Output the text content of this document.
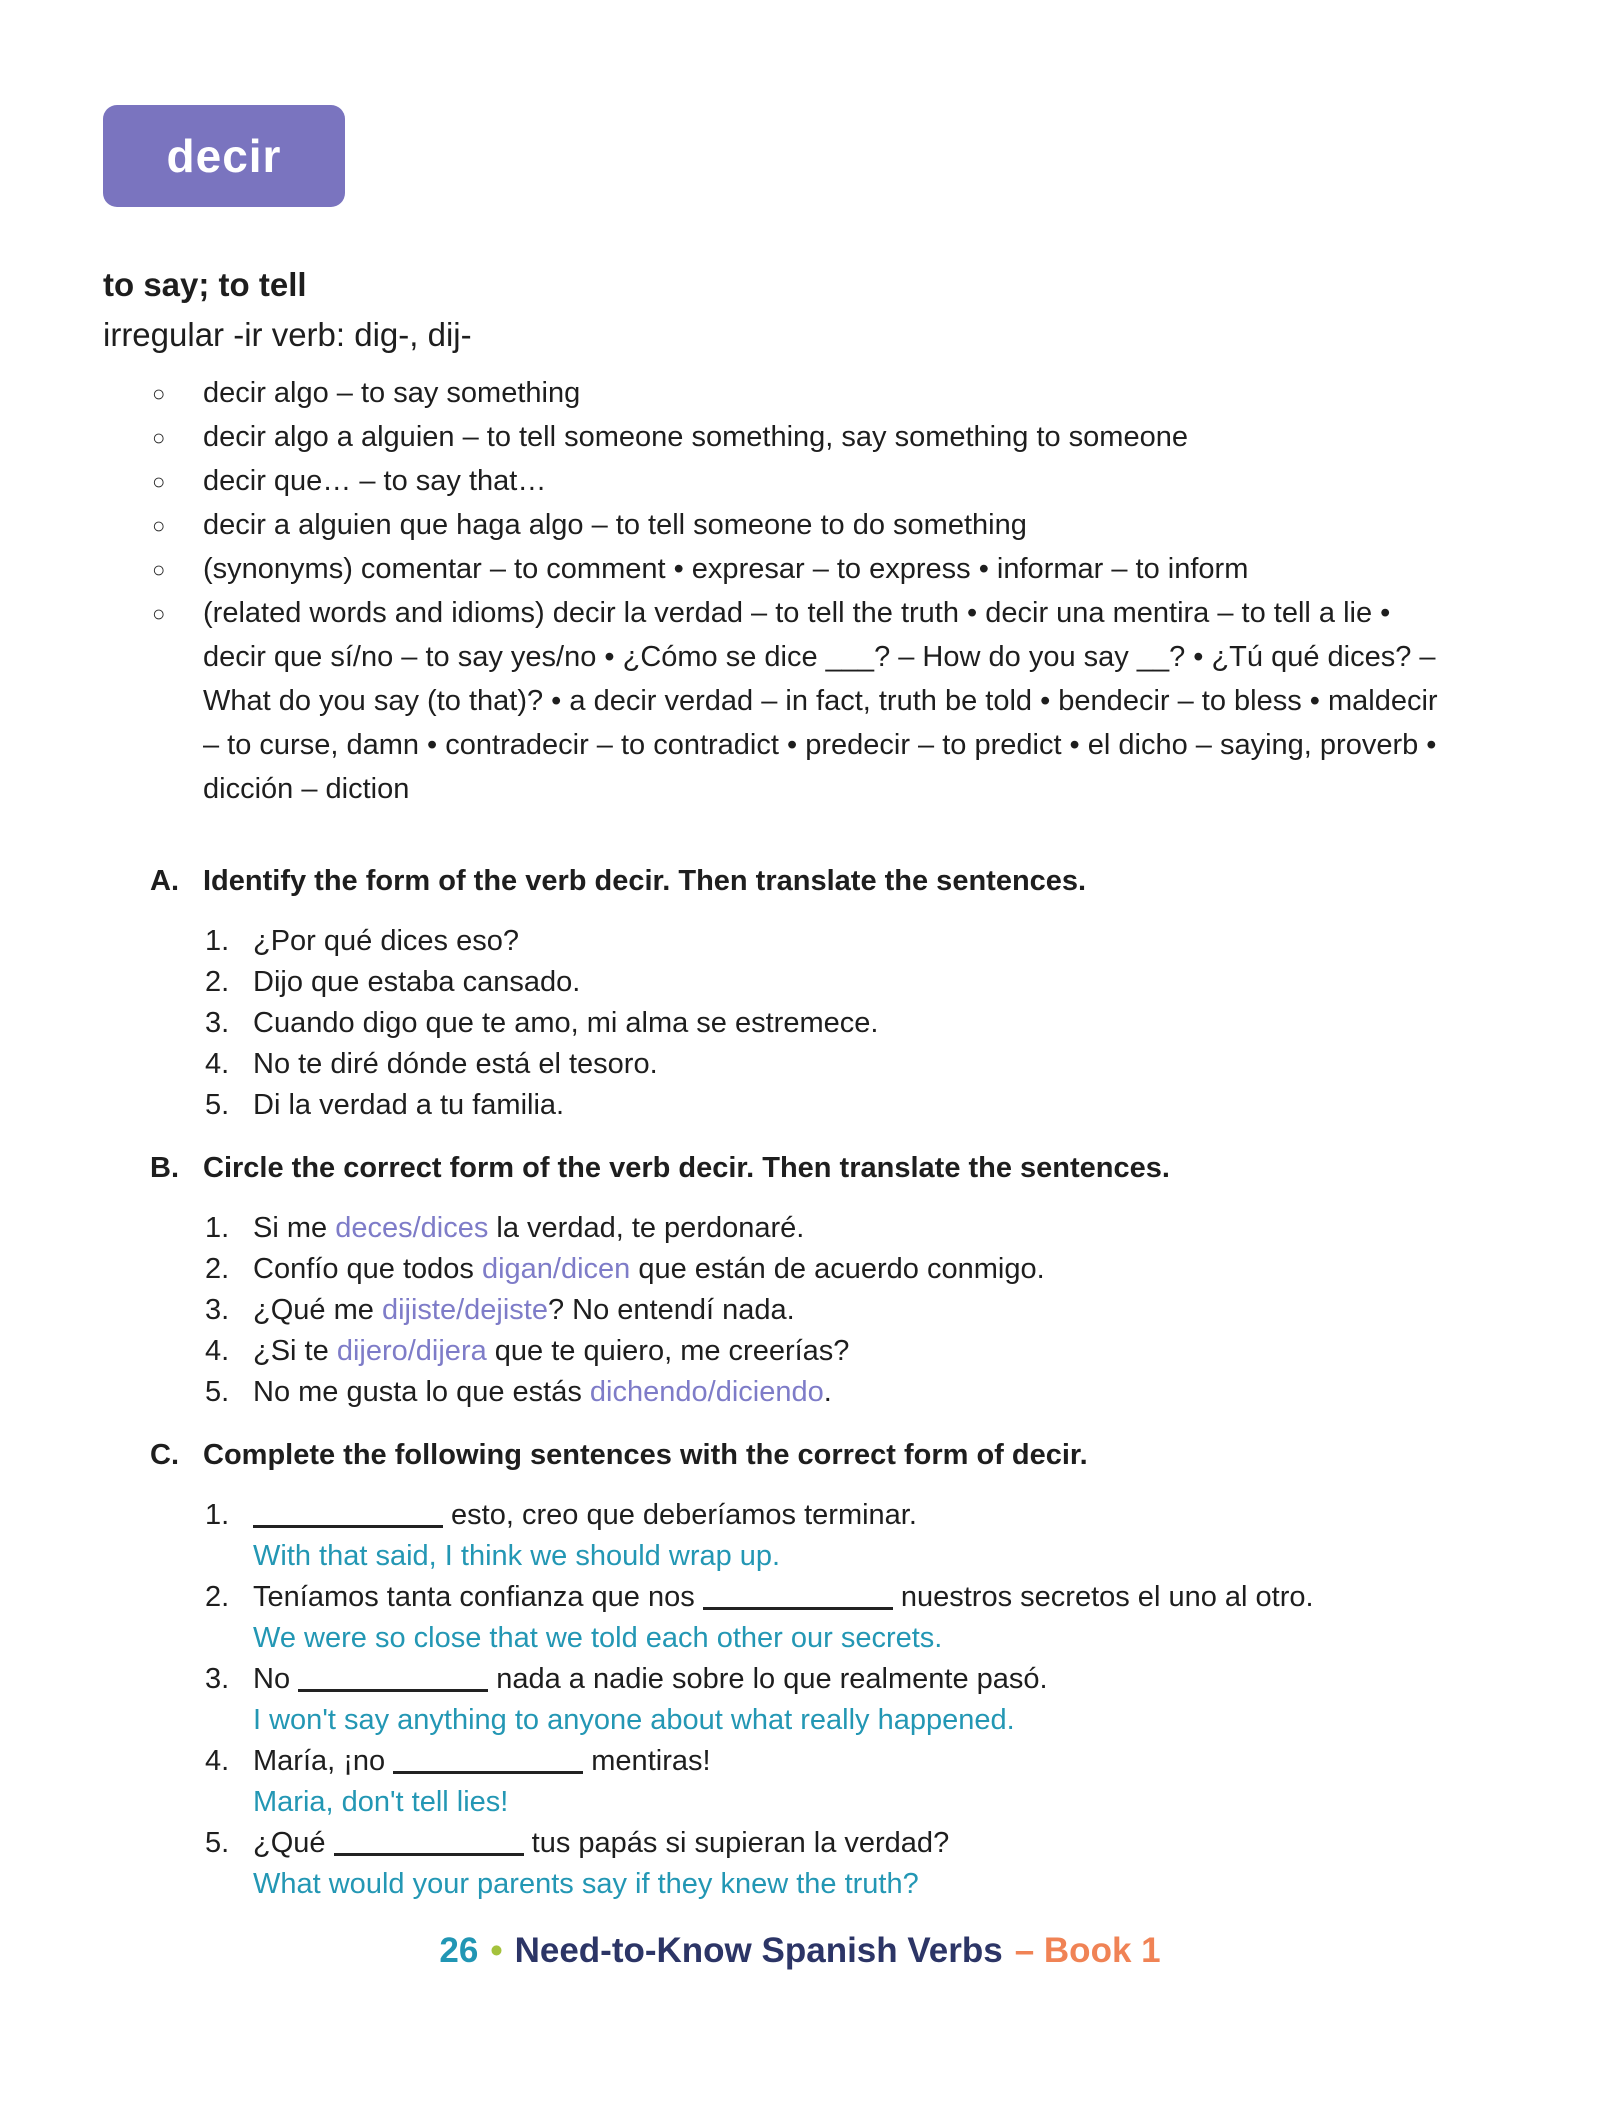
decir
to say; to tell
irregular -ir verb: dig-, dij-
○ decir algo – to say something
○ decir algo a alguien – to tell someone something, say something to someone
○ decir que… – to say that…
○ decir a alguien que haga algo – to tell someone to do something
○ (synonyms) comentar – to comment • expresar – to express • informar – to inform
○ (related words and idioms) decir la verdad – to tell the truth • decir una mentira – to tell a lie • decir que sí/no – to say yes/no • ¿Cómo se dice ___? – How do you say __? • ¿Tú qué dices? – What do you say (to that)? • a decir verdad – in fact, truth be told • bendecir – to bless • maldecir – to curse, damn • contradecir – to contradict • predecir – to predict • el dicho – saying, proverb • dicción – diction
A. Identify the form of the verb decir. Then translate the sentences.
1. ¿Por qué dices eso?
2. Dijo que estaba cansado.
3. Cuando digo que te amo, mi alma se estremece.
4. No te diré dónde está el tesoro.
5. Di la verdad a tu familia.
B. Circle the correct form of the verb decir. Then translate the sentences.
1. Si me deces/dices la verdad, te perdonaré.
2. Confío que todos digan/dicen que están de acuerdo conmigo.
3. ¿Qué me dijiste/dejiste? No entendí nada.
4. ¿Si te dijero/dijera que te quiero, me creerías?
5. No me gusta lo que estás dichendo/diciendo.
C. Complete the following sentences with the correct form of decir.
1.	esto, creo que deberíamos terminar.
With that said, I think we should wrap up.
2. Teníamos tanta confianza que nos	nuestros secretos el uno al otro.
We were so close that we told each other our secrets.
3. No	nada a nadie sobre lo que realmente pasó.
I won't say anything to anyone about what really happened.
4. María, ¡no	mentiras!
Maria, don't tell lies!
5. ¿Qué	tus papás si supieran la verdad?
What would your parents say if they knew the truth?
26 • Need-to-Know Spanish Verbs – Book 1
